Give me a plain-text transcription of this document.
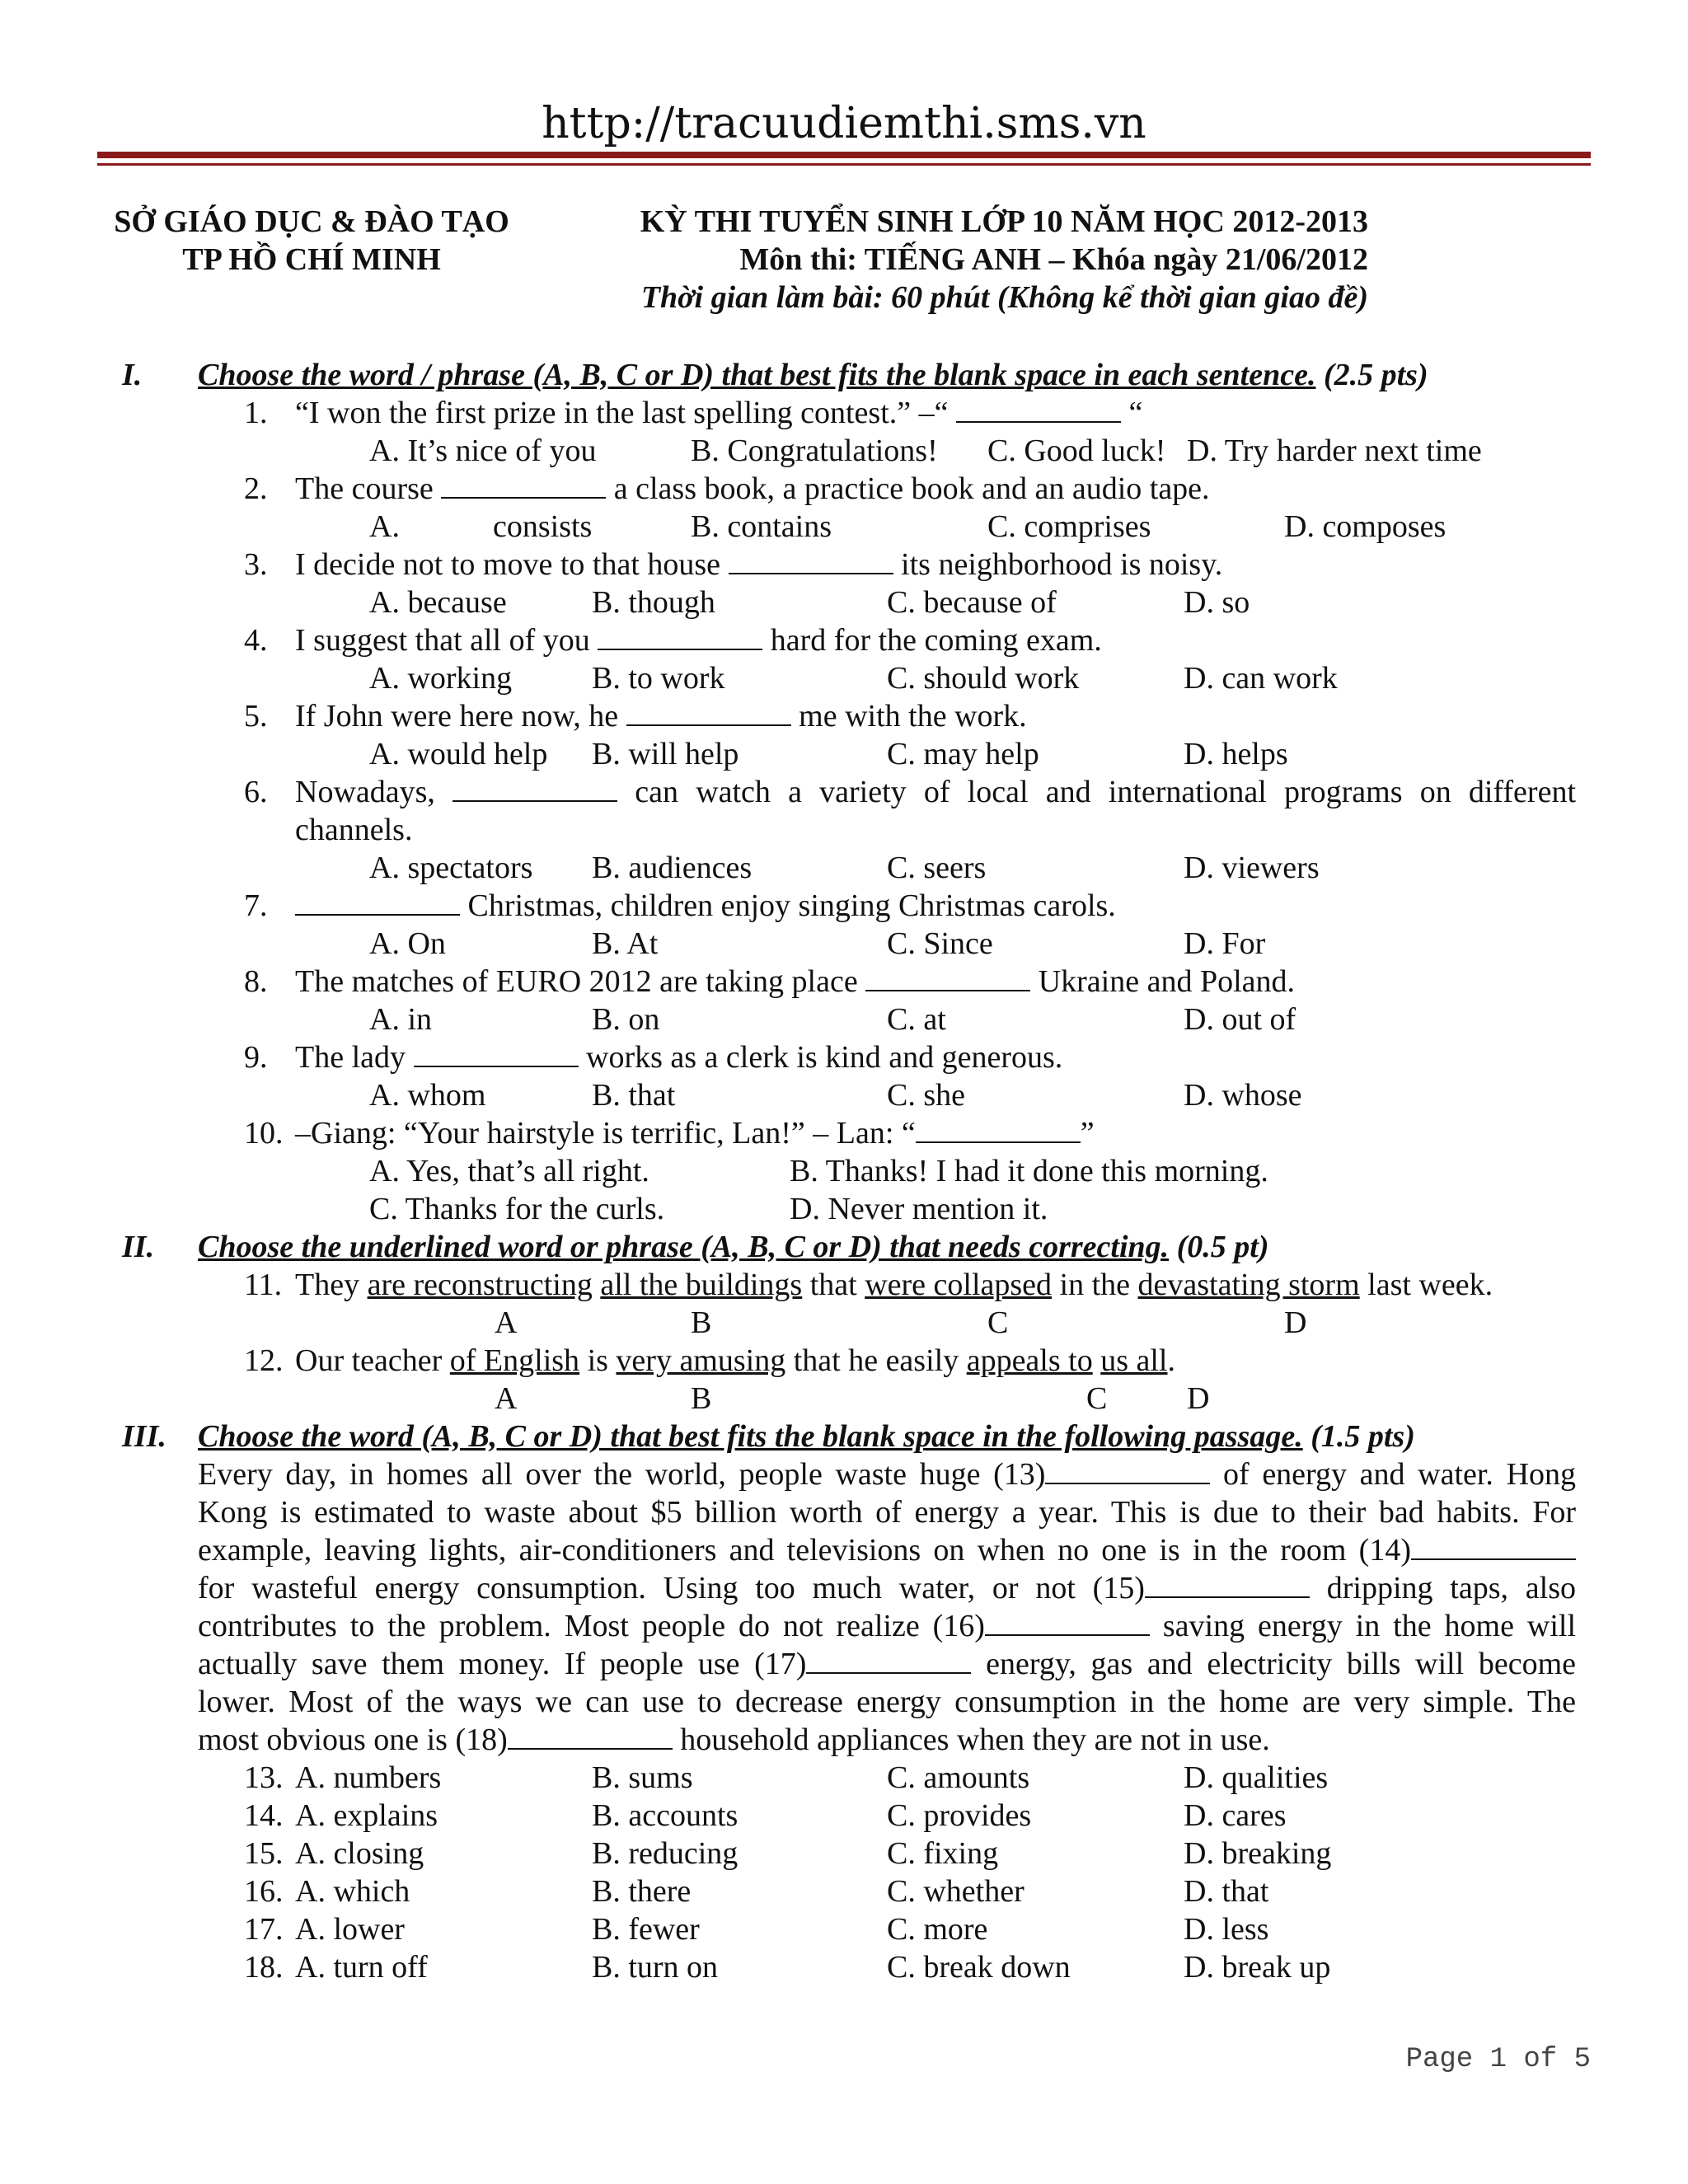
http://tracuudiemthi.sms.vn
SỞ GIÁO DỤC & ĐÀO TẠO
TP HỒ CHÍ MINH
KỲ THI TUYỂN SINH LỚP 10 NĂM HỌC 2012-2013
Môn thi: TIẾNG ANH – Khóa ngày 21/06/2012
Thời gian làm bài: 60 phút (Không kể thời gian giao đề)
I. Choose the word / phrase (A, B, C or D) that best fits the blank space in each sentence. (2.5 pts)
1. “I won the first prize in the last spelling contest.” –“	“
A. It’s nice of you	B. Congratulations! C. Good luck! D. Try harder next time
2. The course	a class book, a practice book and an audio tape.
A.	consists	B. contains	C. comprises	D. composes
3. I decide not to move to that house	its neighborhood is noisy.
A. because	B. though	C. because of	D. so
4. I suggest that all of you	hard for the coming exam.
A. working	B. to work	C. should work	D. can work
5. If John were here now, he	me with the work.
A. would help B. will help	C. may help	D. helps
6. Nowadays,	can watch a variety of local and international programs on different
channels.
A. spectators B. audiences	C. seers	D. viewers
7.	Christmas, children enjoy singing Christmas carols.
A. On	B. At	C. Since	D. For
8. The matches of EURO 2012 are taking place	Ukraine and Poland.
A. in	B. on	C. at	D. out of
9. The lady	works as a clerk is kind and generous.
A. whom	B. that	C. she	D. whose
10. –Giang: “Your hairstyle is terrific, Lan!” – Lan: “	”
A. Yes, that’s all right.	B. Thanks! I had it done this morning.
C. Thanks for the curls.	D. Never mention it.
II. Choose the underlined word or phrase (A, B, C or D) that needs correcting. (0.5 pt)
11. They are reconstructing all the buildings that were collapsed in the devastating storm last week.
A	B	C	D
12. Our teacher of English is very amusing that he easily appeals to us all.
A	B	C	D
III. Choose the word (A, B, C or D) that best fits the blank space in the following passage. (1.5 pts)
Every day, in homes all over the world, people waste huge (13)	of energy and water. Hong
Kong is estimated to waste about $5 billion worth of energy a year. This is due to their bad habits. For
example, leaving lights, air-conditioners and televisions on when no one is in the room (14)
for wasteful energy consumption. Using too much water, or not (15)	dripping taps, also
contributes to the problem. Most people do not realize (16)	saving energy in the home will
actually save them money. If people use (17)	energy, gas and electricity bills will become
lower. Most of the ways we can use to decrease energy consumption in the home are very simple. The
most obvious one is (18)	household appliances when they are not in use.
13. A. numbers	B. sums	C. amounts	D. qualities
14. A. explains	B. accounts	C. provides	D. cares
15. A. closing	B. reducing	C. fixing	D. breaking
16. A. which	B. there	C. whether	D. that
17. A. lower	B. fewer	C. more	D. less
18. A. turn off	B. turn on	C. break down	D. break up
Page 1 of 5
